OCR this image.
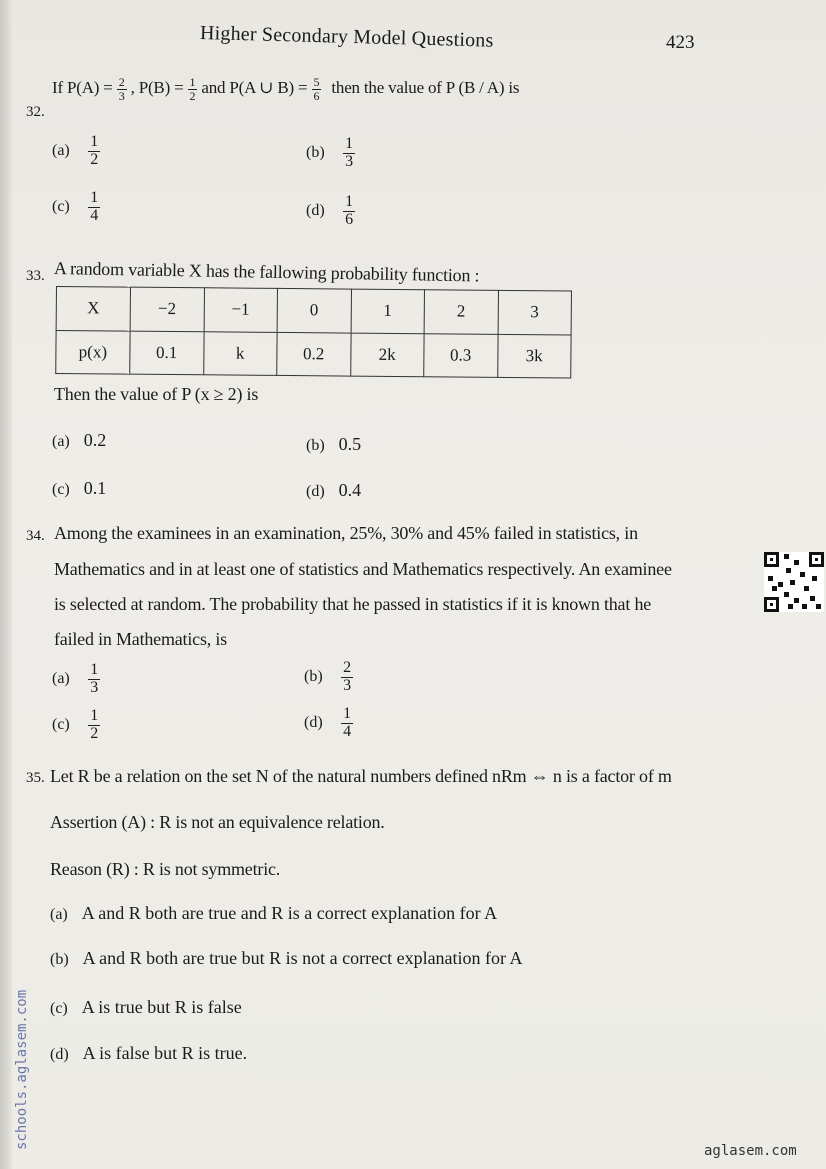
Higher Secondary Model Questions	423
32.
If $P(A) = \frac{2}{3}$ , $P(B) = \frac{1}{2}$ and P(A ∪ $B) = \frac{5}{6}$ then the value of P (B / A) is
$(a) \frac{1}{2}$	$(b) \frac{1}{3}$
$(c) \frac{1}{4}$	$(d) \frac{1}{6}$
33. A random variable X has the fallowing probability function :
X	−2	−1	0	1	2	3
p(x)	0.1	k	0.2	2k	0.3	3k
Then the value of P (x ≥ 2) is
(a) 0.2	(b) 0.5
(c) 0.1	(d) 0.4
34. Among the examinees in an examination, 25%, 30% and 45% failed in statistics, in
Mathematics and in at least one of statistics and Mathematics respectively. An examinee
is selected at random. The probability that he passed in statistics if it is known that he
failed in Mathematics, is
$(a) \frac{1}{3}$	$(b) \frac{2}{3}$
$(c) \frac{1}{2}$	$(d) \frac{1}{4}$
35. Let R be a relation on the set N of the natural numbers defined nRm ⇔ n is a factor of m
Assertion (A) : R is not an equivalence relation.
Reason (R) : R is not symmetric.
(a) A and R both are true and R is a correct explanation for A
(b) A and R both are true but R is not a correct explanation for A
(c) A is true but R is false
(d) A is false but R is true.
schools.aglasem.com
aglasem.com
